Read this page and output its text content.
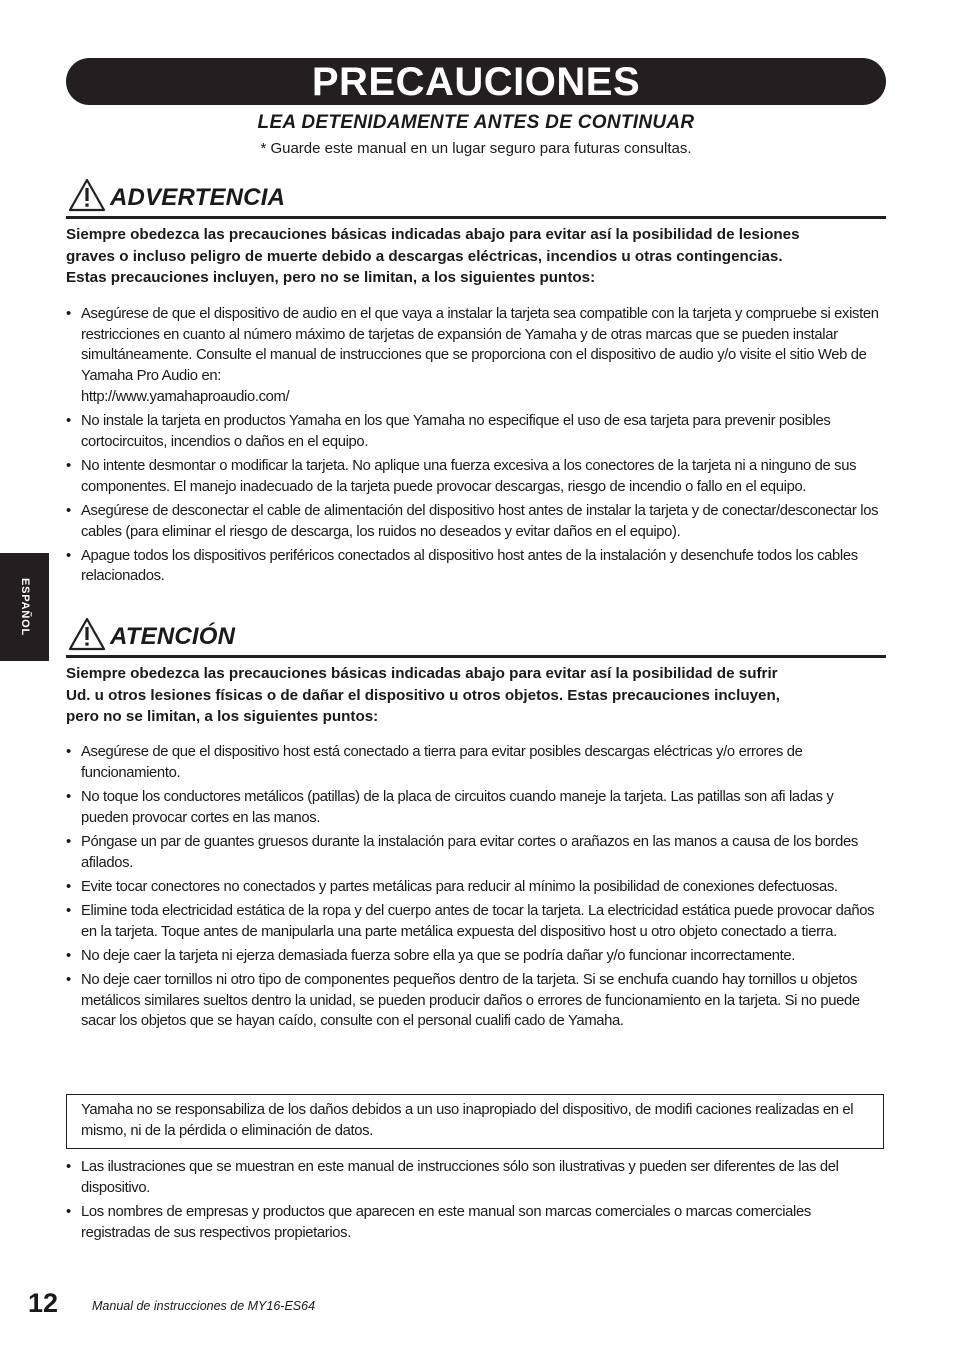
PRECAUCIONES
LEA DETENIDAMENTE ANTES DE CONTINUAR
* Guarde este manual en un lugar seguro para futuras consultas.
ADVERTENCIA
Siempre obedezca las precauciones básicas indicadas abajo para evitar así la posibilidad de lesiones
graves o incluso peligro de muerte debido a descargas eléctricas, incendios u otras contingencias.
Estas precauciones incluyen, pero no se limitan, a los siguientes puntos:
• Asegúrese de que el dispositivo de audio en el que vaya a instalar la tarjeta sea compatible con la tarjeta y compruebe si existen restricciones en cuanto al número máximo de tarjetas de expansión de Yamaha y de otras marcas que se pueden instalar simultáneamente. Consulte el manual de instrucciones que se proporciona con el dispositivo de audio y/o visite el sitio Web de Yamaha Pro Audio en:
http://www.yamahaproaudio.com/
• No instale la tarjeta en productos Yamaha en los que Yamaha no especifique el uso de esa tarjeta para prevenir posibles cortocircuitos, incendios o daños en el equipo.
• No intente desmontar o modificar la tarjeta. No aplique una fuerza excesiva a los conectores de la tarjeta ni a ninguno de sus componentes. El manejo inadecuado de la tarjeta puede provocar descargas, riesgo de incendio o fallo en el equipo.
• Asegúrese de desconectar el cable de alimentación del dispositivo host antes de instalar la tarjeta y de conectar/desconectar los cables (para eliminar el riesgo de descarga, los ruidos no deseados y evitar daños en el equipo).
• Apague todos los dispositivos periféricos conectados al dispositivo host antes de la instalación y desenchufe todos los cables relacionados.
ATENCIÓN
Siempre obedezca las precauciones básicas indicadas abajo para evitar así la posibilidad de sufrir
Ud. u otros lesiones físicas o de dañar el dispositivo u otros objetos. Estas precauciones incluyen,
pero no se limitan, a los siguientes puntos:
• Asegúrese de que el dispositivo host está conectado a tierra para evitar posibles descargas eléctricas y/o errores de funcionamiento.
• No toque los conductores metálicos (patillas) de la placa de circuitos cuando maneje la tarjeta. Las patillas son afi ladas y pueden provocar cortes en las manos.
• Póngase un par de guantes gruesos durante la instalación para evitar cortes o arañazos en las manos a causa de los bordes afilados.
• Evite tocar conectores no conectados y partes metálicas para reducir al mínimo la posibilidad de conexiones defectuosas.
• Elimine toda electricidad estática de la ropa y del cuerpo antes de tocar la tarjeta. La electricidad estática puede provocar daños en la tarjeta. Toque antes de manipularla una parte metálica expuesta del dispositivo host u otro objeto conectado a tierra.
• No deje caer la tarjeta ni ejerza demasiada fuerza sobre ella ya que se podría dañar y/o funcionar incorrectamente.
• No deje caer tornillos ni otro tipo de componentes pequeños dentro de la tarjeta. Si se enchufa cuando hay tornillos u objetos metálicos similares sueltos dentro la unidad, se pueden producir daños o errores de funcionamiento en la tarjeta. Si no puede sacar los objetos que se hayan caído, consulte con el personal cualifi cado de Yamaha.
Yamaha no se responsabiliza de los daños debidos a un uso inapropiado del dispositivo, de modifi caciones realizadas en el mismo, ni de la pérdida o eliminación de datos.
• Las ilustraciones que se muestran en este manual de instrucciones sólo son ilustrativas y pueden ser diferentes de las del dispositivo.
• Los nombres de empresas y productos que aparecen en este manual son marcas comerciales o marcas comerciales registradas de sus respectivos propietarios.
ESPAÑOL
12	Manual de instrucciones de MY16-ES64
